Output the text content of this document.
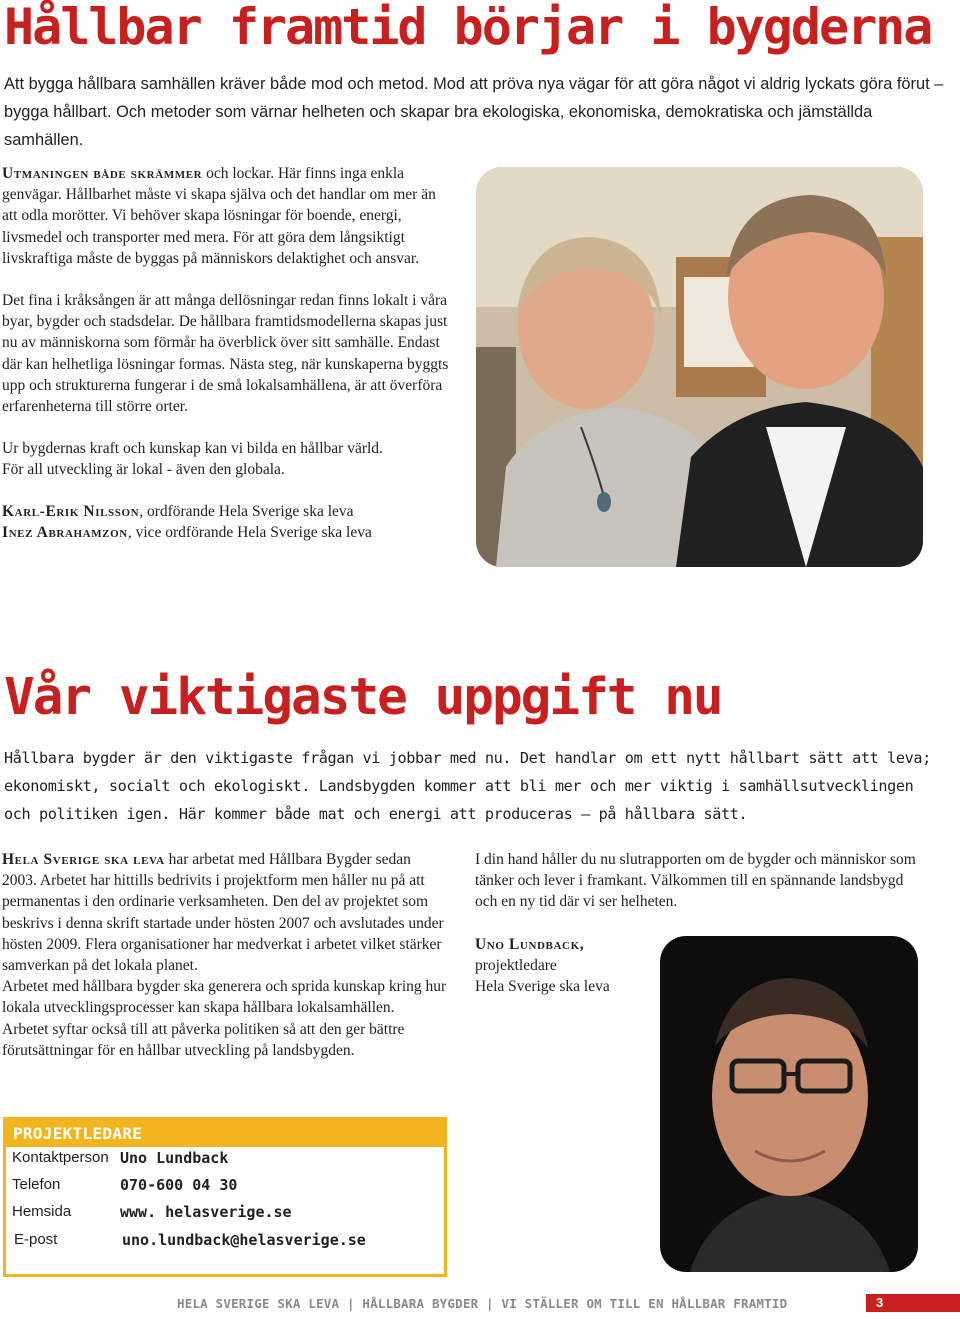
Hållbar framtid börjar i bygderna

Att bygga hållbara samhällen kräver både mod och metod. Mod att pröva nya vägar för att göra något vi aldrig lyckats göra förut – bygga hållbart. Och metoder som värnar helheten och skapar bra ekologiska, ekonomiska, demokratiska och jämställda samhällen.

Utmaningen både skrämmer och lockar. Här finns inga enkla genvägar. Hållbarhet måste vi skapa själva och det handlar om mer än att odla morötter. Vi behöver skapa lösningar för boende, energi, livsmedel och transporter med mera. För att göra dem långsiktigt livskraftiga måste de byggas på människors delaktighet och ansvar.

Det fina i kråksången är att många dellösningar redan finns lokalt i våra byar, bygder och stadsdelar. De hållbara framtidsmodellerna skapas just nu av människorna som förmår ha överblick över sitt samhälle. Endast där kan helhetliga lösningar formas. Nästa steg, när kunskaperna byggts upp och strukturerna fungerar i de små lokalsamhällena, är att överföra erfarenheterna till större orter.

Ur bygdernas kraft och kunskap kan vi bilda en hållbar värld.
För all utveckling är lokal - även den globala.

Karl-Erik Nilsson, ordförande Hela Sverige ska leva
Inez Abrahamzon, vice ordförande Hela Sverige ska leva

Vår viktigaste uppgift nu

Hållbara bygder är den viktigaste frågan vi jobbar med nu. Det handlar om ett nytt hållbart sätt att leva; ekonomiskt, socialt och ekologiskt. Landsbygden kommer att bli mer och mer viktig i samhällsutvecklingen och politiken igen. Här kommer både mat och energi att produceras – på hållbara sätt.

Hela Sverige ska leva har arbetat med Hållbara Bygder sedan 2003. Arbetet har hittills bedrivits i projektform men håller nu på att permanentas i den ordinarie verksamheten. Den del av projektet som beskrivs i denna skrift startade under hösten 2007 och avslutades under hösten 2009. Flera organisationer har medverkat i arbetet vilket stärker samverkan på det lokala planet.

Arbetet med hållbara bygder ska generera och sprida kunskap kring hur lokala utvecklingsprocesser kan skapa hållbara lokalsamhällen.

Arbetet syftar också till att påverka politiken så att den ger bättre förutsättningar för en hållbar utveckling på landsbygden.

I din hand håller du nu slutrapporten om de bygder och människor som tänker och lever i framkant. Välkommen till en spännande landsbygd och en ny tid där vi ser helheten.

Uno Lundback,
projektledare
Hela Sverige ska leva

PROJEKTLEDARE
Kontaktperson Uno Lundback
Telefon	070-600 04 30
Hemsida	www. helasverige.se
E-post	uno.lundback@helasverige.se
HELA SVERIGE SKA LEVA | HÅLLBARA BYGDER | VI STÄLLER OM TILL EN HÅLLBAR FRAMTID	3
